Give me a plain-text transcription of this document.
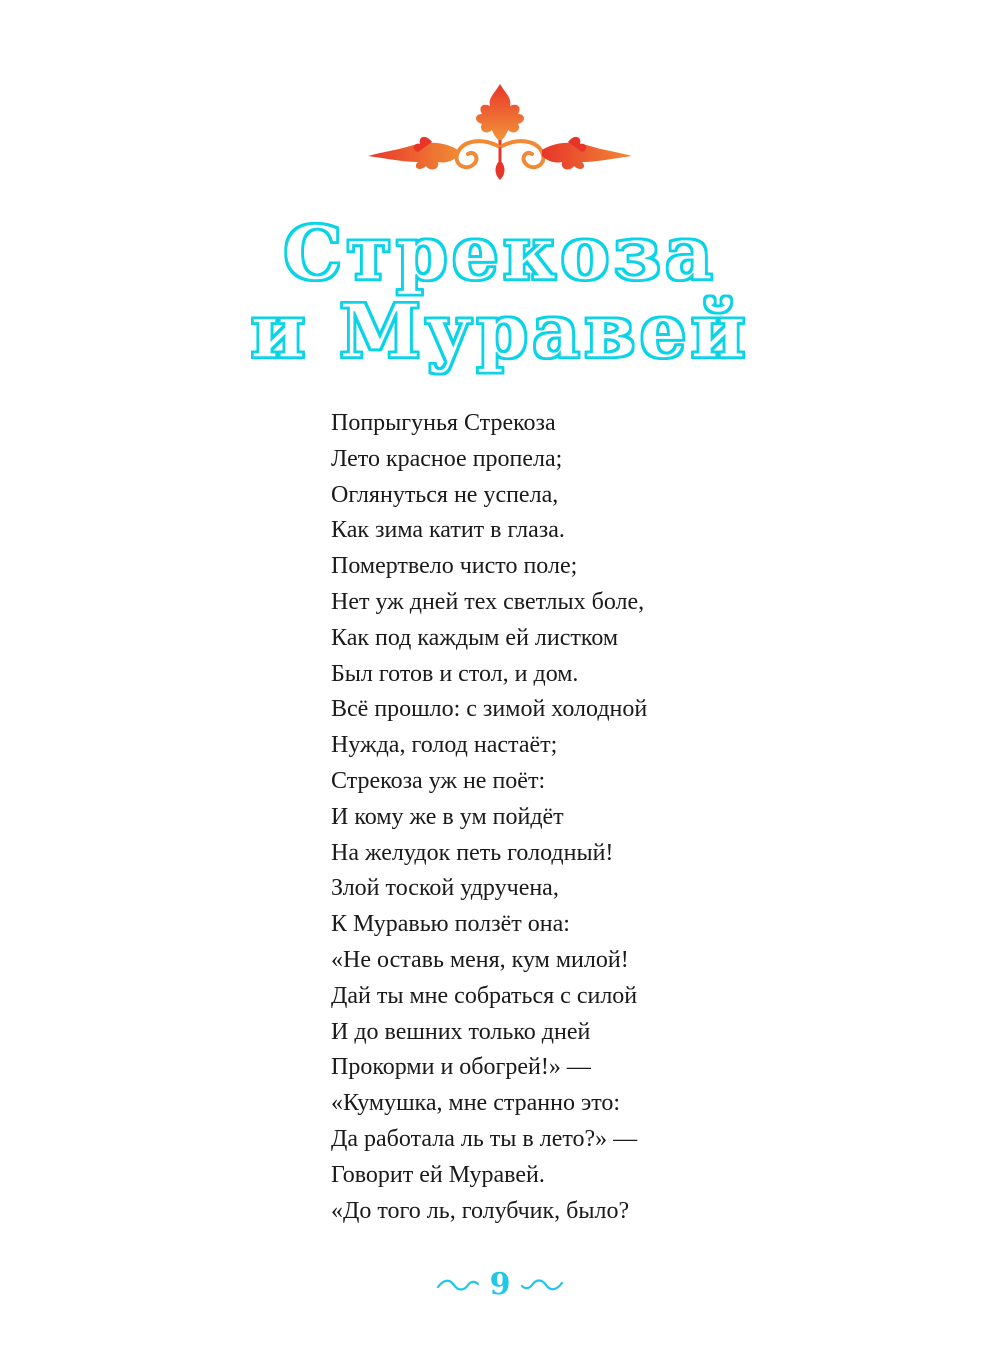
Стрекоза
и Муравей
Попрыгунья Стрекоза
Лето красное пропела;
Оглянуться не успела,
Как зима катит в глаза.
Помертвело чисто поле;
Нет уж дней тех светлых боле,
Как под каждым ей листком
Был готов и стол, и дом.
Всё прошло: с зимой холодной
Нужда, голод настаёт;
Стрекоза уж не поёт:
И кому же в ум пойдёт
На желудок петь голодный!
Злой тоской удручена,
К Муравью ползёт она:
«Не оставь меня, кум милой!
Дай ты мне собраться с силой
И до вешних только дней
Прокорми и обогрей!» —
«Кумушка, мне странно это:
Да работала ль ты в лето?» —
Говорит ей Муравей.
«До того ль, голубчик, было?
9
